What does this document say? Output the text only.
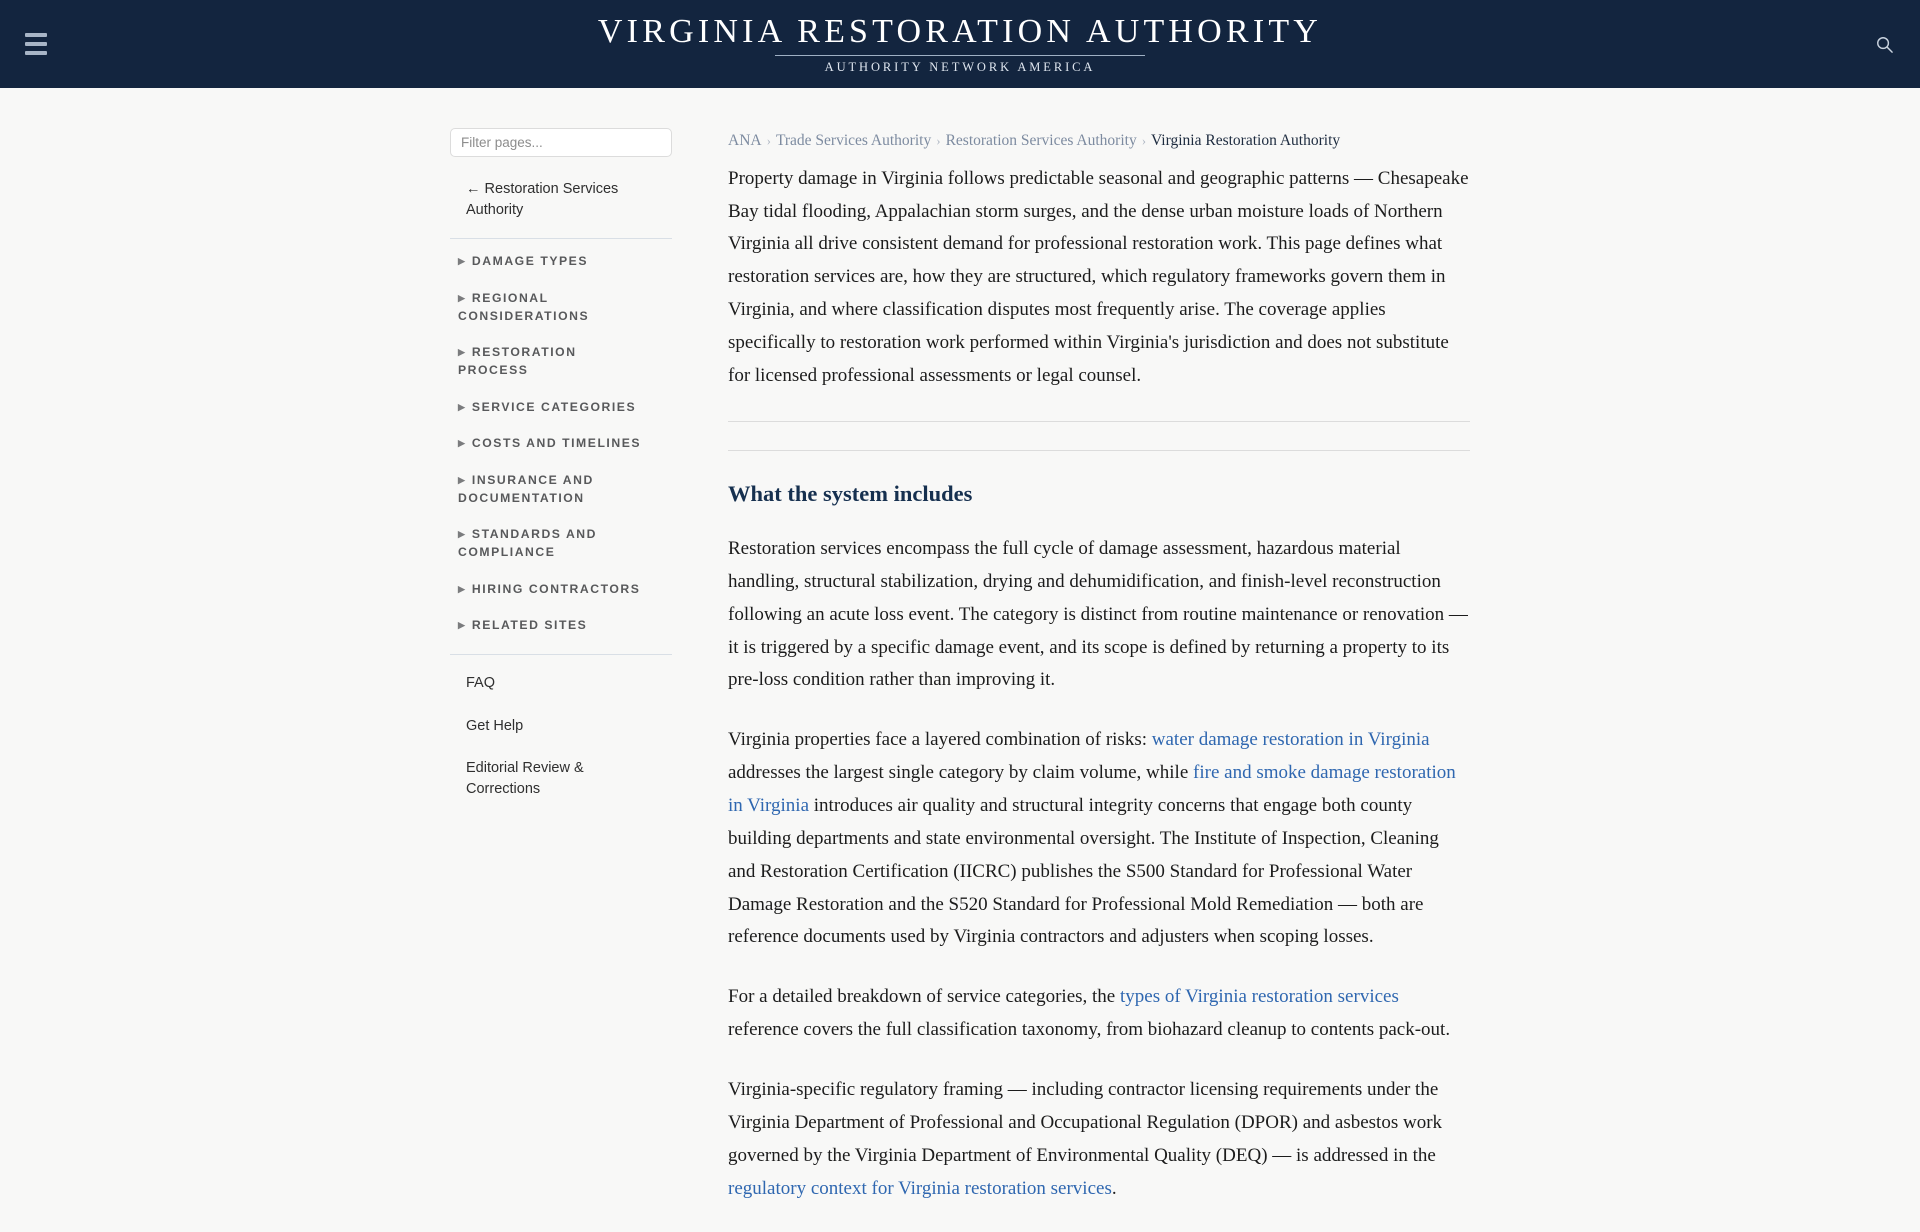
VIRGINIA RESTORATION AUTHORITY
AUTHORITY NETWORK AMERICA
Filter pages...
← Restoration Services Authority
▶ DAMAGE TYPES
▶ REGIONAL CONSIDERATIONS
▶ RESTORATION PROCESS
▶ SERVICE CATEGORIES
▶ COSTS AND TIMELINES
▶ INSURANCE AND DOCUMENTATION
▶ STANDARDS AND COMPLIANCE
▶ HIRING CONTRACTORS
▶ RELATED SITES
FAQ
Get Help
Editorial Review & Corrections
ANA › Trade Services Authority › Restoration Services Authority › Virginia Restoration Authority

Property damage in Virginia follows predictable seasonal and geographic patterns — Chesapeake Bay tidal flooding, Appalachian storm surges, and the dense urban moisture loads of Northern Virginia all drive consistent demand for professional restoration work. This page defines what restoration services are, how they are structured, which regulatory frameworks govern them in Virginia, and where classification disputes most frequently arise. The coverage applies specifically to restoration work performed within Virginia's jurisdiction and does not substitute for licensed professional assessments or legal counsel.

What the system includes

Restoration services encompass the full cycle of damage assessment, hazardous material handling, structural stabilization, drying and dehumidification, and finish-level reconstruction following an acute loss event. The category is distinct from routine maintenance or renovation — it is triggered by a specific damage event, and its scope is defined by returning a property to its pre-loss condition rather than improving it.

Virginia properties face a layered combination of risks: water damage restoration in Virginia addresses the largest single category by claim volume, while fire and smoke damage restoration in Virginia introduces air quality and structural integrity concerns that engage both county building departments and state environmental oversight. The Institute of Inspection, Cleaning and Restoration Certification (IICRC) publishes the S500 Standard for Professional Water Damage Restoration and the S520 Standard for Professional Mold Remediation — both are reference documents used by Virginia contractors and adjusters when scoping losses.

For a detailed breakdown of service categories, the types of Virginia restoration services reference covers the full classification taxonomy, from biohazard cleanup to contents pack-out.

Virginia-specific regulatory framing — including contractor licensing requirements under the Virginia Department of Professional and Occupational Regulation (DPOR) and asbestos work governed by the Virginia Department of Environmental Quality (DEQ) — is addressed in the regulatory context for Virginia restoration services.
